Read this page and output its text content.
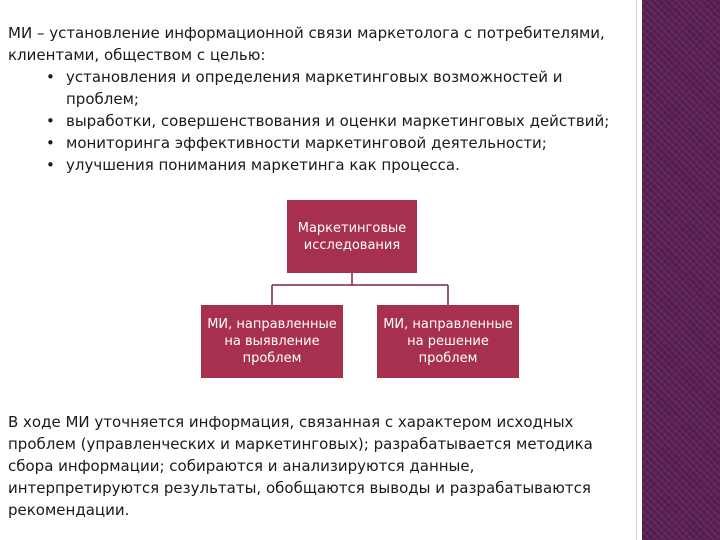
МИ – установление информационной связи маркетолога с потребителями, клиентами, обществом с целью:

• установления и определения маркетинговых возможностей и проблем;
• выработки, совершенствования и оценки маркетинговых действий;
• мониторинга эффективности маркетинговой деятельности;
• улучшения понимания маркетинга как процесса.
Маркетинговые исследования
МИ, направленные на выявление проблем
МИ, направленные на решение проблем

В ходе МИ уточняется информация, связанная с характером исходных проблем (управленческих и маркетинговых); разрабатывается методика сбора информации; собираются и анализируются данные, интерпретируются результаты, обобщаются выводы и разрабатываются рекомендации.
